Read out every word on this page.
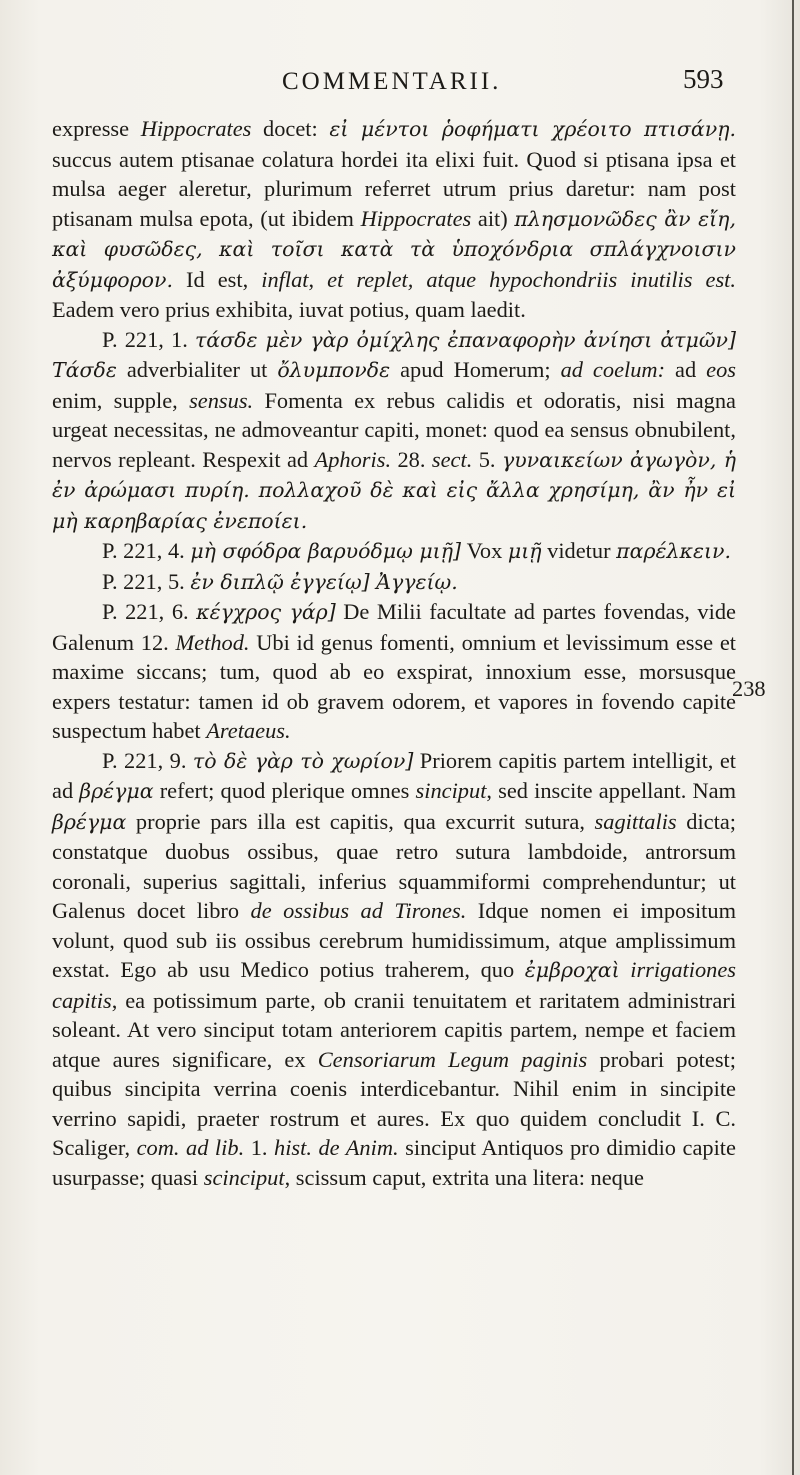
COMMENTARII.	593

expresse Hippocrates docet: εἰ μέντοι ῥοφήματι χρέοιτο πτισάνῃ. succus autem ptisanae colatura hordei ita elixi fuit. Quod si ptisana ipsa et mulsa aeger aleretur, plurimum referret utrum prius daretur: nam post ptisanam mulsa epota, (ut ibidem Hippocrates ait) πλησμονῶδες ἂν εἴη, καὶ φυσῶδες, καὶ τοῖσι κατὰ τὰ ὑποχόνδρια σπλάγχνοισιν ἀξύμφορον. Id est, inflat, et replet, atque hypochondriis inutilis est. Eadem vero prius exhibita, iuvat potius, quam laedit.

P. 221, 1. τάσδε μὲν γὰρ ὀμίχλης ἐπαναφορὴν ἀνίησι ἀτμῶν] Τάσδε adverbialiter ut ὄλυμπονδε apud Homerum; ad coelum: ad eos enim, supple, sensus. Fomenta ex rebus calidis et odoratis, nisi magna urgeat necessitas, ne admoveantur capiti, monet: quod ea sensus obnubilent, nervos repleant. Respexit ad Aphoris. 28. sect. 5. γυναικείων ἀγωγὸν, ἡ ἐν ἀρώμασι πυρίη. πολλαχοῦ δὲ καὶ εἰς ἄλλα χρησίμη, ἂν ἦν εἰ μὴ καρηβαρίας ἐνεποίει.

P. 221, 4. μὴ σφόδρα βαρυόδμῳ μιῇ] Vox μιῇ videtur παρέλκειν.

P. 221, 5. ἐν διπλῷ ἐγγείῳ] Ἀγγείῳ.

P. 221, 6. κέγχρος γάρ] De Milii facultate ad partes fovendas, vide Galenum 12. Method. Ubi id genus fomenti, omnium et levissimum esse et maxime siccans; tum, quod ab eo exspirat, innoxium esse, morsusque expers testatur: tamen id ob gravem odorem, et vapores in fovendo capite suspectum habet Aretaeus.

P. 221, 9. τὸ δὲ γὰρ τὸ χωρίον] Priorem capitis partem intelligit, et ad βρέγμα refert; quod plerique omnes sinciput, sed inscite appellant. Nam βρέγμα proprie pars illa est capitis, qua excurrit sutura, sagittalis dicta; constatque duobus ossibus, quae retro sutura lambdoide, antrorsum coronali, superius sagittali, inferius squammiformi comprehenduntur; ut Galenus docet libro de ossibus ad Tirones. Idque nomen ei impositum volunt, quod sub iis ossibus cerebrum humidissimum, atque amplissimum exstat. Ego ab usu Medico potius traherem, quo ἐμβροχαὶ irrigationes capitis, ea potissimum parte, ob cranii tenuitatem et raritatem administrari soleant. At vero sinciput totam anteriorem capitis partem, nempe et faciem atque aures significare, ex Censoriarum Legum paginis probari potest; quibus sincipita verrina coenis interdicebantur. Nihil enim in sincipite verrino sapidi, praeter rostrum et aures. Ex quo quidem concludit I. C. Scaliger, com. ad lib. 1. hist. de Anim. sinciput Antiquos pro dimidio capite usurpasse; quasi scinciput, scissum caput, extrita una litera: neque

238
